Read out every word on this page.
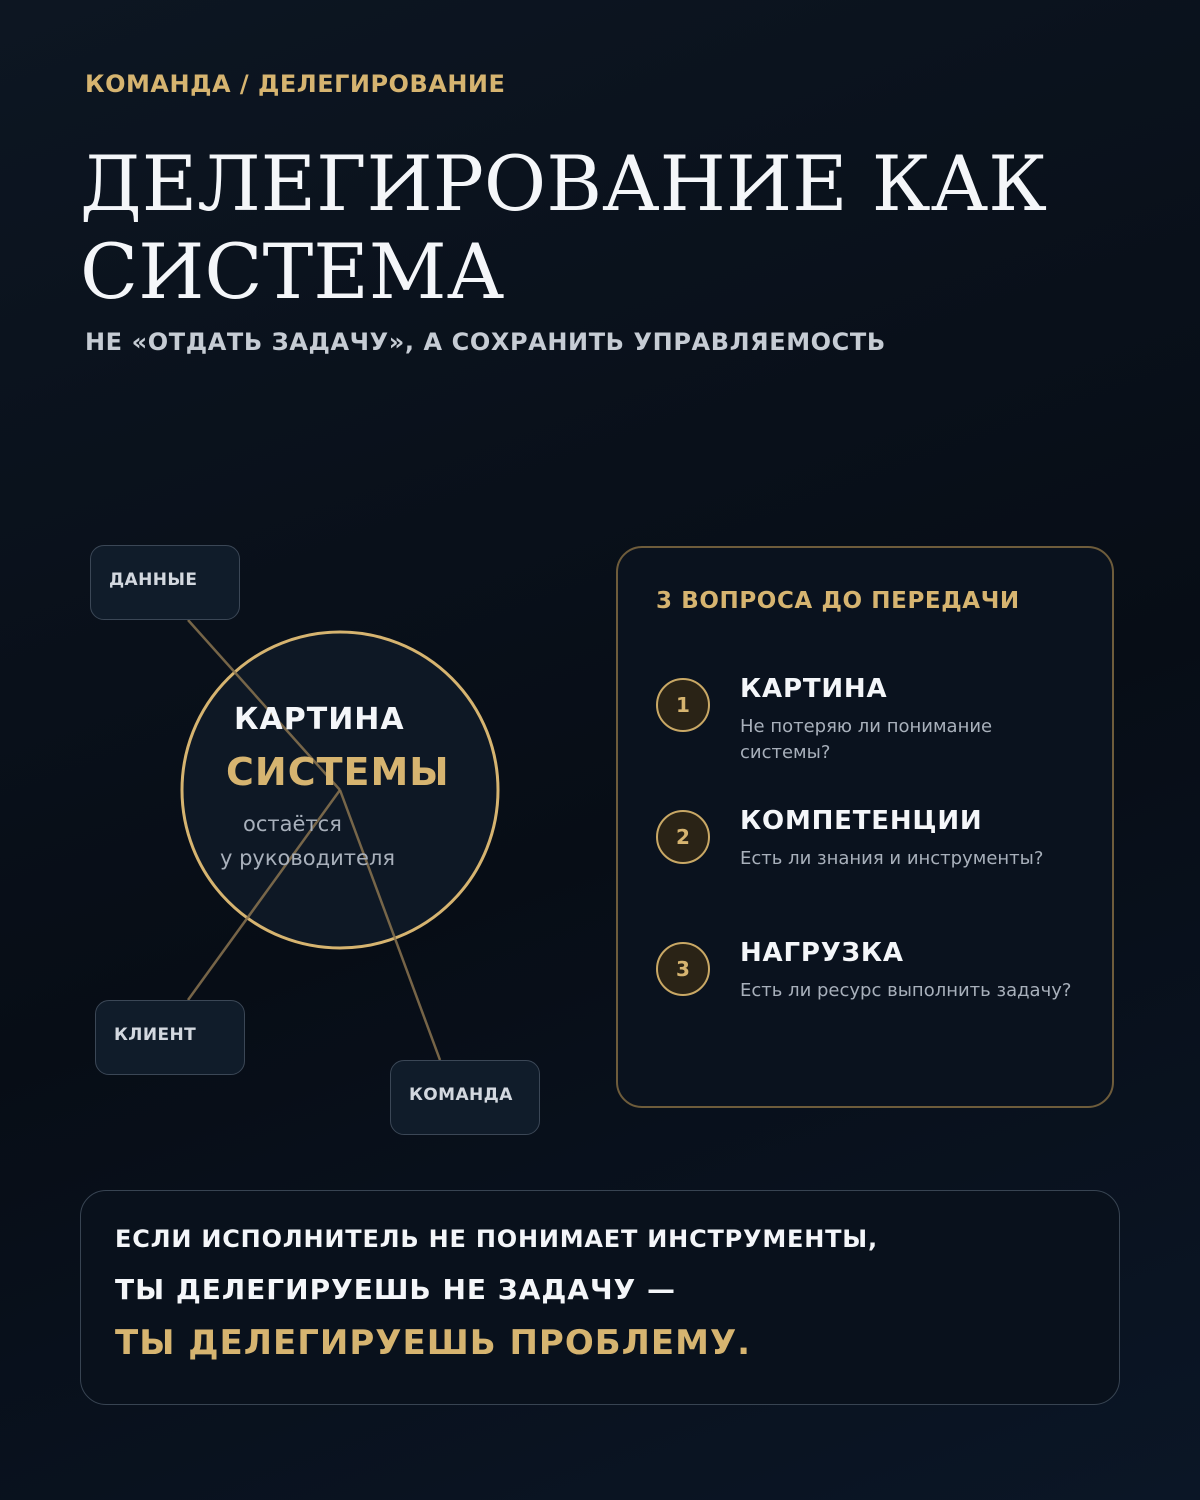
КОМАНДА / ДЕЛЕГИРОВАНИЕ
ДЕЛЕГИРОВАНИЕ КАК СИСТЕМА
НЕ «ОТДАТЬ ЗАДАЧУ», А СОХРАНИТЬ УПРАВЛЯЕМОСТЬ
КАРТИНА
СИСТЕМЫ
остаётся
у руководителя
ДАННЫЕ
КЛИЕНТ
КОМАНДА
3 ВОПРОСА ДО ПЕРЕДАЧИ
1
КАРТИНА
Не потеряю ли понимание системы?
2
КОМПЕТЕНЦИИ
Есть ли знания и инструменты?
3
НАГРУЗКА
Есть ли ресурс выполнить задачу?
ЕСЛИ ИСПОЛНИТЕЛЬ НЕ ПОНИМАЕТ ИНСТРУМЕНТЫ,
ТЫ ДЕЛЕГИРУЕШЬ НЕ ЗАДАЧУ —
ТЫ ДЕЛЕГИРУЕШЬ ПРОБЛЕМУ.
